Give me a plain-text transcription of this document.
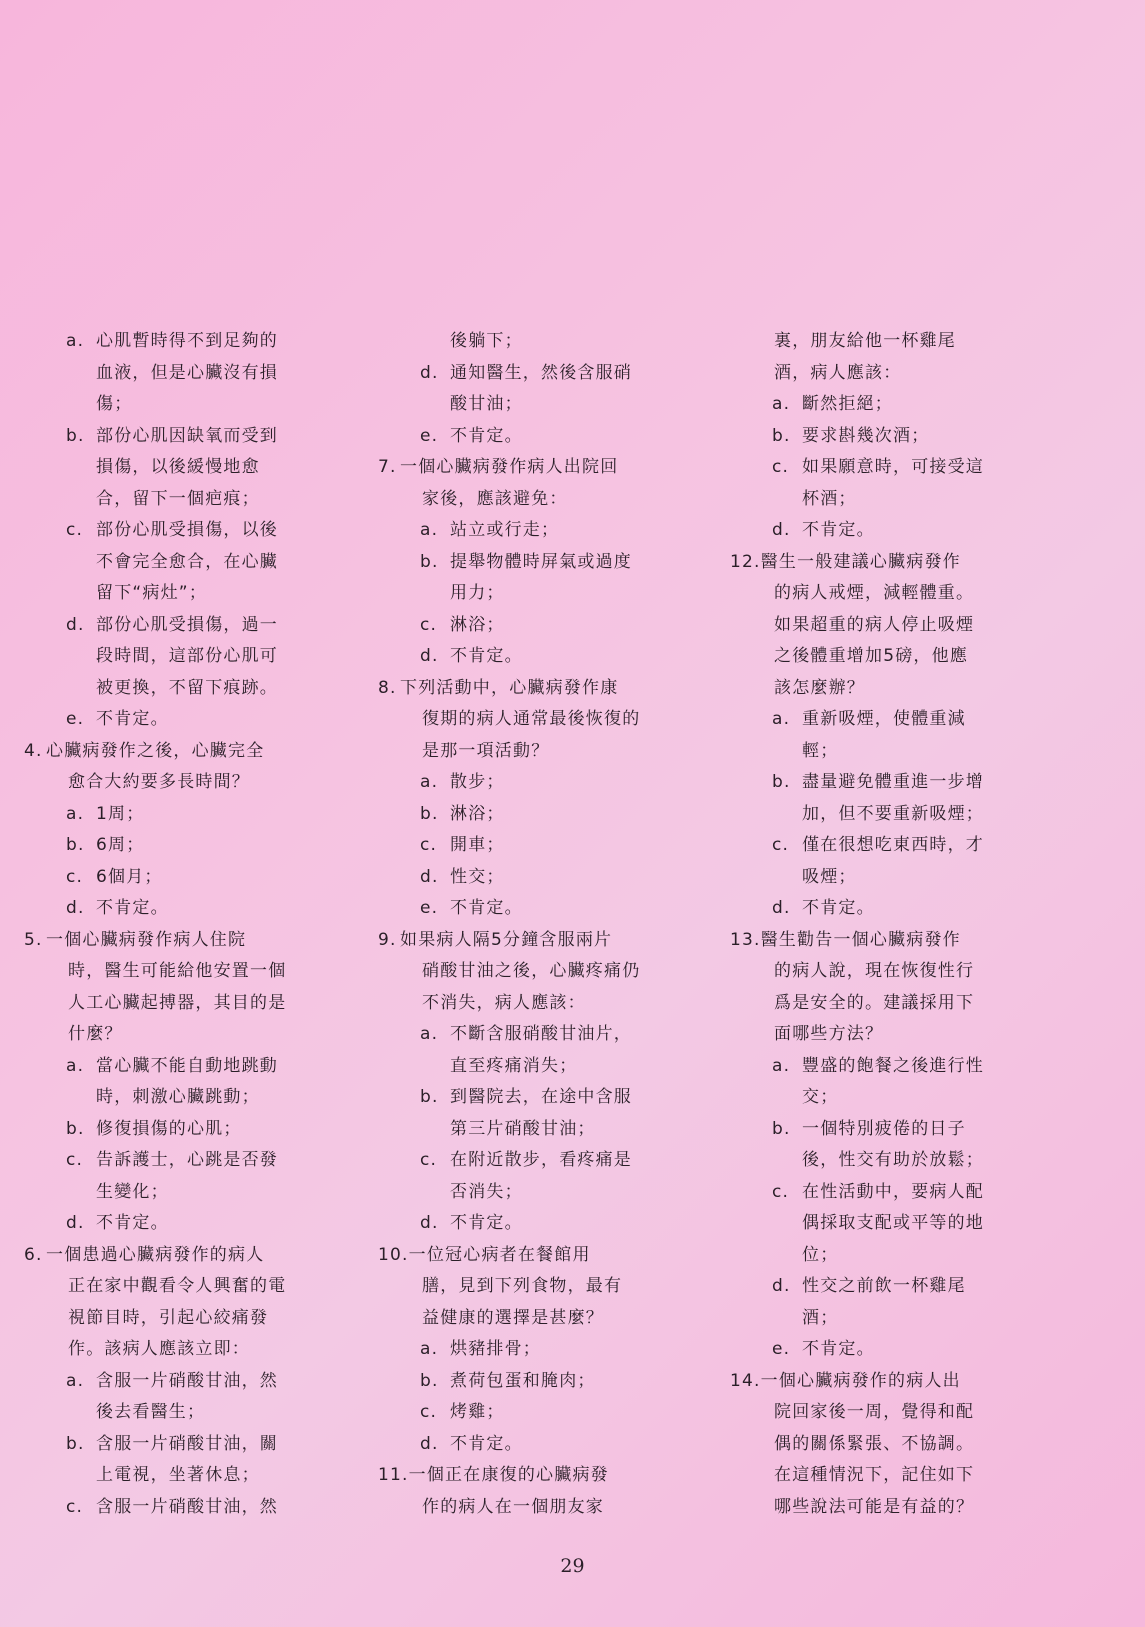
a. 心肌暫時得不到足夠的
血液，但是心臟沒有損
傷；
b. 部份心肌因缺氧而受到
損傷，以後緩慢地愈
合，留下一個疤痕；
c. 部份心肌受損傷，以後
不會完全愈合，在心臟
留下“病灶”；
d. 部份心肌受損傷，過一
段時間，這部份心肌可
被更換，不留下痕跡。
e. 不肯定。
4. 心臟病發作之後，心臟完全
愈合大約要多長時間？
a. 1周；
b. 6周；
c. 6個月；
d. 不肯定。
5. 一個心臟病發作病人住院
時，醫生可能給他安置一個
人工心臟起搏器，其目的是
什麼？
a. 當心臟不能自動地跳動
時，刺激心臟跳動；
b. 修復損傷的心肌；
c. 告訴護士，心跳是否發
生變化；
d. 不肯定。
6. 一個患過心臟病發作的病人
正在家中觀看令人興奮的電
視節目時，引起心絞痛發
作。該病人應該立即：
a. 含服一片硝酸甘油，然
後去看醫生；
b. 含服一片硝酸甘油，關
上電視，坐著休息；
c. 含服一片硝酸甘油，然
後躺下；
d. 通知醫生，然後含服硝
酸甘油；
e. 不肯定。
7. 一個心臟病發作病人出院回
家後，應該避免：
a. 站立或行走；
b. 提舉物體時屏氣或過度
用力；
c. 淋浴；
d. 不肯定。
8. 下列活動中，心臟病發作康
復期的病人通常最後恢復的
是那一項活動？
a. 散步；
b. 淋浴；
c. 開車；
d. 性交；
e. 不肯定。
9. 如果病人隔5分鐘含服兩片
硝酸甘油之後，心臟疼痛仍
不消失，病人應該：
a. 不斷含服硝酸甘油片，
直至疼痛消失；
b. 到醫院去，在途中含服
第三片硝酸甘油；
c. 在附近散步，看疼痛是
否消失；
d. 不肯定。
10.一位冠心病者在餐館用
膳，見到下列食物，最有
益健康的選擇是甚麼？
a. 烘豬排骨；
b. 煮荷包蛋和腌肉；
c. 烤雞；
d. 不肯定。
11.一個正在康復的心臟病發
作的病人在一個朋友家
裏，朋友給他一杯雞尾
酒，病人應該：
a. 斷然拒絕；
b. 要求斟幾次酒；
c. 如果願意時，可接受這
杯酒；
d. 不肯定。
12.醫生一般建議心臟病發作
的病人戒煙，減輕體重。
如果超重的病人停止吸煙
之後體重增加5磅，他應
該怎麼辦？
a. 重新吸煙，使體重減
輕；
b. 盡量避免體重進一步增
加，但不要重新吸煙；
c. 僅在很想吃東西時，才
吸煙；
d. 不肯定。
13.醫生勸告一個心臟病發作
的病人說，現在恢復性行
爲是安全的。建議採用下
面哪些方法？
a. 豐盛的飽餐之後進行性
交；
b. 一個特別疲倦的日子
後，性交有助於放鬆；
c. 在性活動中，要病人配
偶採取支配或平等的地
位；
d. 性交之前飲一杯雞尾
酒；
e. 不肯定。
14.一個心臟病發作的病人出
院回家後一周，覺得和配
偶的關係緊張、不協調。
在這種情況下，記住如下
哪些說法可能是有益的？
29
